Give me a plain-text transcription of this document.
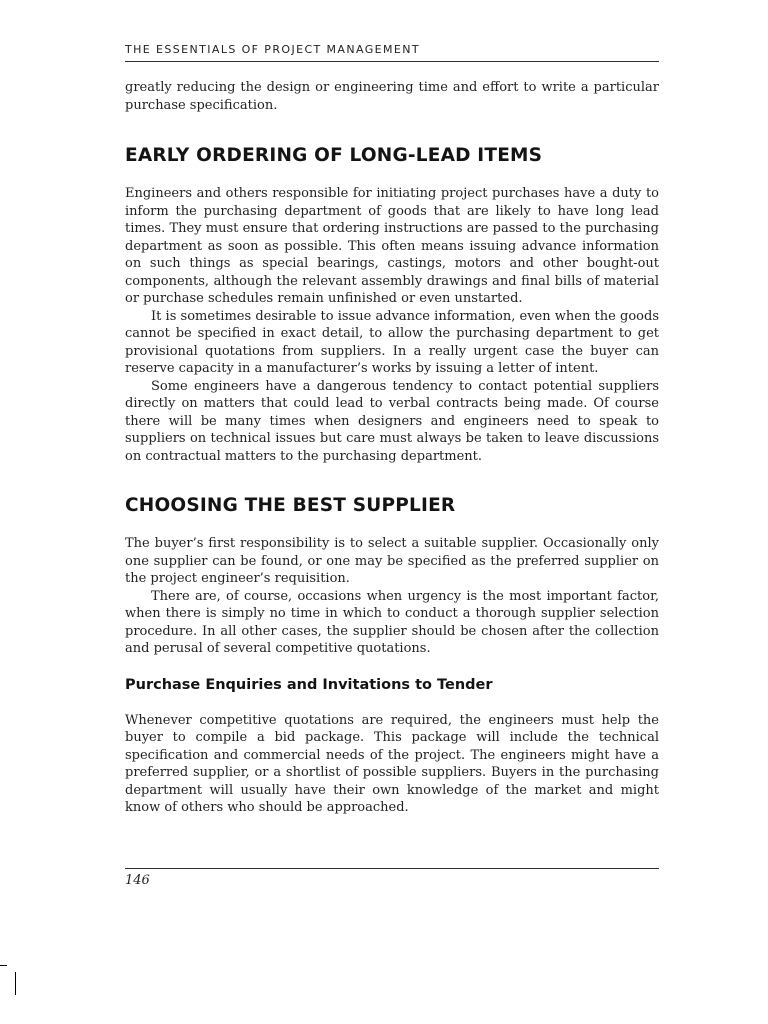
THE ESSENTIALS OF PROJECT MANAGEMENT

greatly reducing the design or engineering time and effort to write a particular purchase specification.

EARLY ORDERING OF LONG-LEAD ITEMS

Engineers and others responsible for initiating project purchases have a duty to inform the purchasing department of goods that are likely to have long lead times. They must ensure that ordering instructions are passed to the purchasing department as soon as possible. This often means issuing advance information on such things as special bearings, castings, motors and other bought-out components, although the relevant assembly drawings and final bills of material or purchase schedules remain unfinished or even unstarted.

It is sometimes desirable to issue advance information, even when the goods cannot be specified in exact detail, to allow the purchasing department to get provisional quotations from suppliers. In a really urgent case the buyer can reserve capacity in a manufacturer’s works by issuing a letter of intent.

Some engineers have a dangerous tendency to contact potential suppliers directly on matters that could lead to verbal contracts being made. Of course there will be many times when designers and engineers need to speak to suppliers on technical issues but care must always be taken to leave discussions on contractual matters to the purchasing department.

CHOOSING THE BEST SUPPLIER

The buyer’s first responsibility is to select a suitable supplier. Occasionally only one supplier can be found, or one may be specified as the preferred supplier on the project engineer’s requisition.

There are, of course, occasions when urgency is the most important factor, when there is simply no time in which to conduct a thorough supplier selection procedure. In all other cases, the supplier should be chosen after the collection and perusal of several competitive quotations.

Purchase Enquiries and Invitations to Tender

Whenever competitive quotations are required, the engineers must help the buyer to compile a bid package. This package will include the technical specification and commercial needs of the project. The engineers might have a preferred supplier, or a shortlist of possible suppliers. Buyers in the purchasing department will usually have their own knowledge of the market and might know of others who should be approached.

146
